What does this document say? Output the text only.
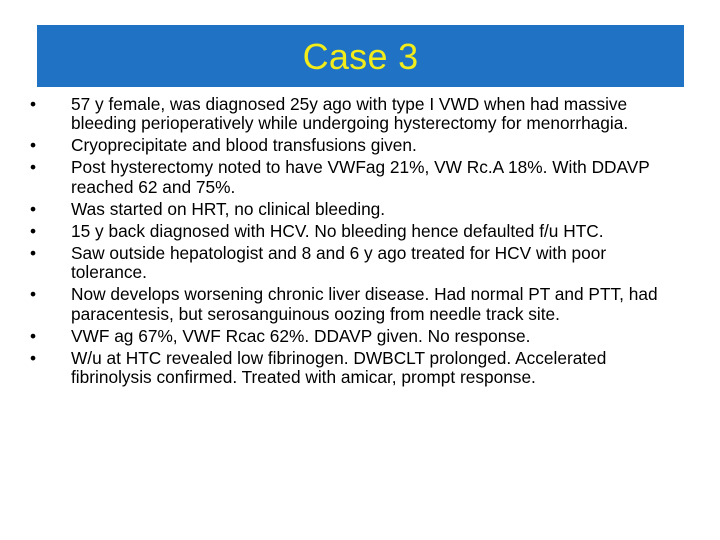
Case 3
•	57 y female, was diagnosed 25y ago with type I VWD when had massive bleeding perioperatively while undergoing hysterectomy for menorrhagia.
•	Cryoprecipitate and blood transfusions given.
•	Post hysterectomy noted to have VWFag 21%, VW Rc.A 18%. With DDAVP reached 62 and 75%.
•	Was started on HRT, no clinical bleeding.
•	15 y back diagnosed with HCV. No bleeding hence defaulted f/u HTC.
•	Saw outside hepatologist and 8 and 6 y ago treated for HCV with poor tolerance.
•	Now develops worsening chronic liver disease. Had normal PT and PTT, had paracentesis, but serosanguinous oozing from needle track site.
•	VWF ag 67%, VWF Rcac 62%. DDAVP given. No response.
•	W/u at HTC revealed low fibrinogen. DWBCLT prolonged. Accelerated fibrinolysis confirmed. Treated with amicar, prompt response.
